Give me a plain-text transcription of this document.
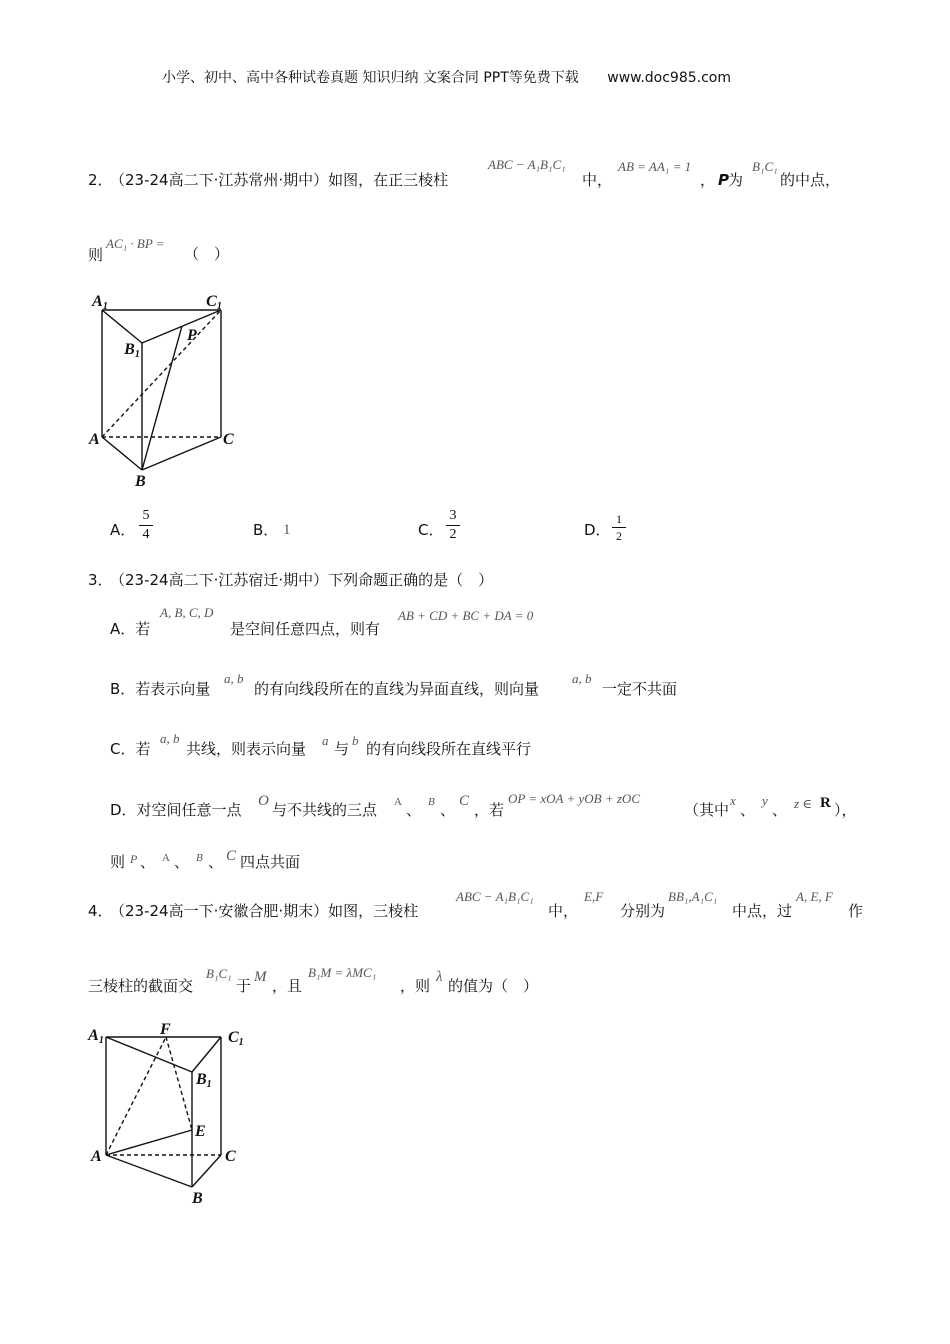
小学、初中、高中各种试卷真题 知识归纳 文案合同 PPT等免费下载 www.doc985.com
2．
（23-24高二下·江苏常州·期中）如图，在正三棱柱
ABC − A₁B₁C₁
中，
AB = AA₁ = 1
， P 为
B₁C₁
的中点，
则
AC₁ · BP =
（　）
A1	C1
B1
P
A	C
B
A．
5
4	B． 1	C．
3
2	D．
1
2
3．
（23-24高二下·江苏宿迁·期中）下列命题正确的是（　）
A．若
A, B, C, D
是空间任意四点，则有
AB + CD + BC + DA = 0
B．若表示向量
a, b
的有向线段所在的直线为异面直线，则向量
a, b
一定不共面
C．若
a, b
共线，则表示向量 a 与 b 的有向线段所在直线平行
D．对空间任意一点 O 与不共线的三点 A 、 B 、 C ，若
OP = xOA + yOB + zOC
（其中
x
、
y
、 z ∈ R ），
则 P 、 A 、 B 、 C 四点共面
4．
（23-24高一下·安徽合肥·期末）如图，三棱柱
ABC − A₁B₁C₁
中，
E,F
分别为
BB₁,A₁C₁
中点，过
A, E, F
作
三棱柱的截面交
B₁C₁
于 M ，且
B₁M = λMC₁
，则 λ 的值为（　）
A1
F	C1
B1
E
A	C
B
